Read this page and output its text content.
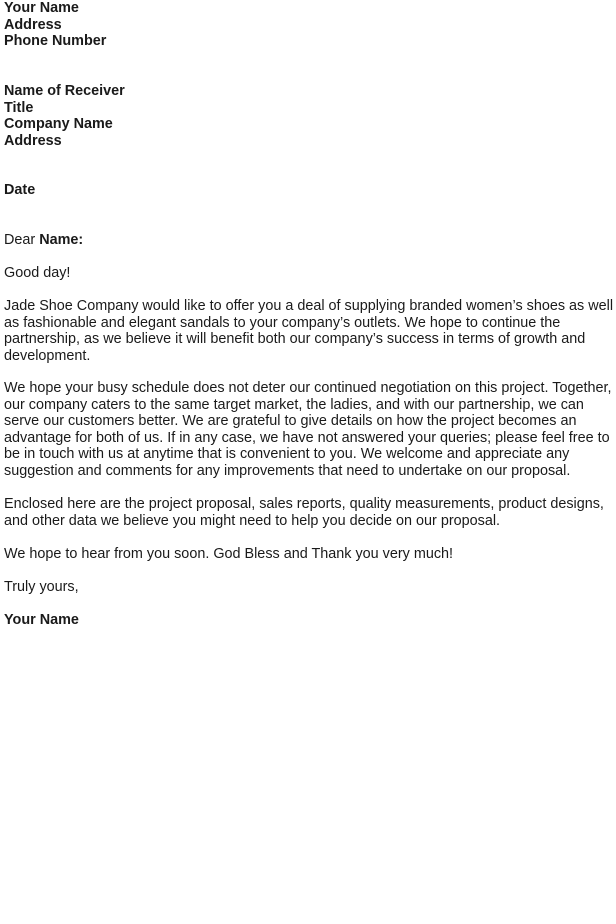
Your Name
Address
Phone Number
Name of Receiver
Title
Company Name
Address
Date
Dear Name:
Good day!
Jade Shoe Company would like to offer you a deal of supplying branded women’s shoes as well
as fashionable and elegant sandals to your company’s outlets. We hope to continue the
partnership, as we believe it will benefit both our company’s success in terms of growth and
development.
We hope your busy schedule does not deter our continued negotiation on this project. Together,
our company caters to the same target market, the ladies, and with our partnership, we can
serve our customers better. We are grateful to give details on how the project becomes an
advantage for both of us. If in any case, we have not answered your queries; please feel free to
be in touch with us at anytime that is convenient to you. We welcome and appreciate any
suggestion and comments for any improvements that need to undertake on our proposal.
Enclosed here are the project proposal, sales reports, quality measurements, product designs,
and other data we believe you might need to help you decide on our proposal.
We hope to hear from you soon. God Bless and Thank you very much!
Truly yours,
Your Name
